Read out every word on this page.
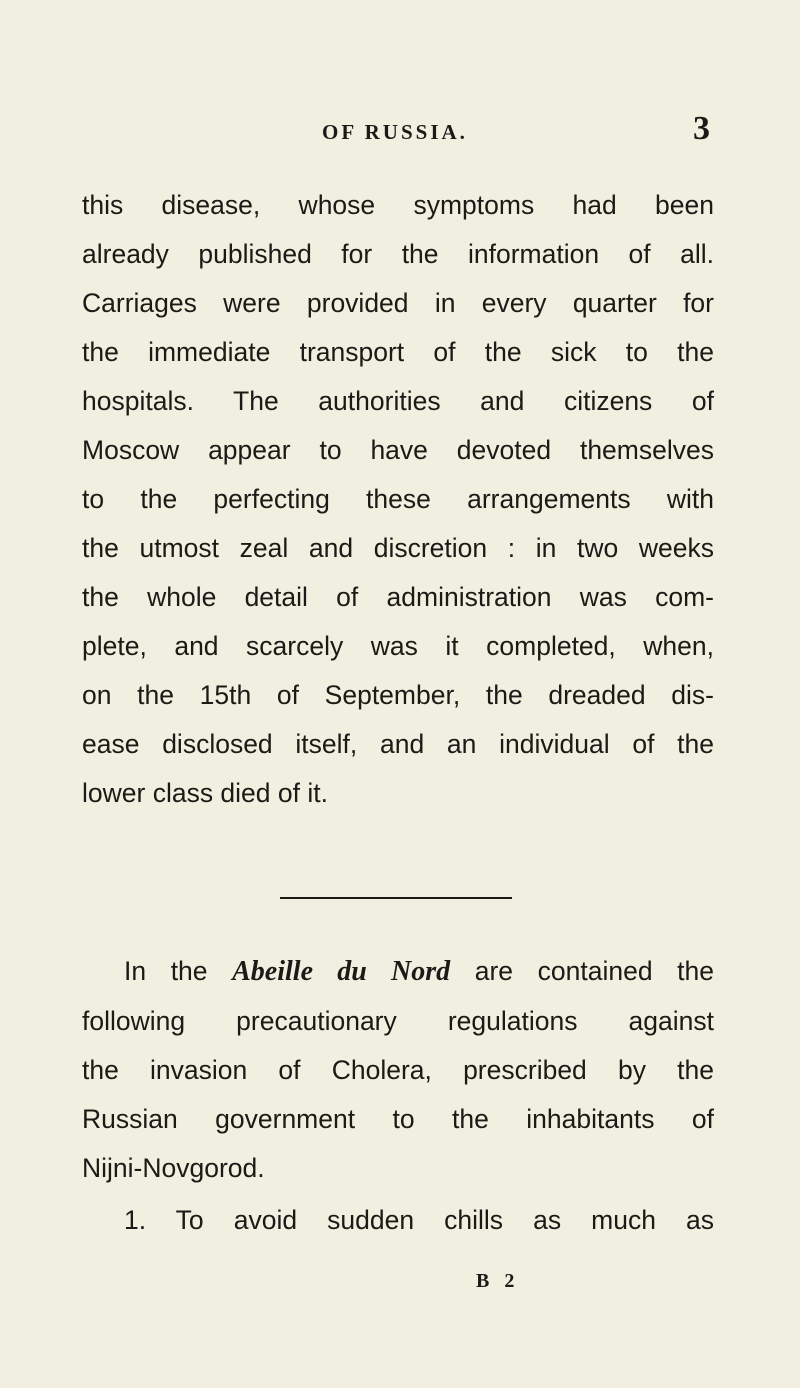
OF RUSSIA.	3
this disease, whose symptoms had been
already published for the information of all.
Carriages were provided in every quarter for
the immediate transport of the sick to the
hospitals. The authorities and citizens of
Moscow appear to have devoted themselves
to the perfecting these arrangements with
the utmost zeal and discretion : in two weeks
the whole detail of administration was com-
plete, and scarcely was it completed, when,
on the 15th of September, the dreaded dis-
ease disclosed itself, and an individual of the
lower class died of it.
In the Abeille du Nord are contained the
following precautionary regulations against
the invasion of Cholera, prescribed by the
Russian government to the inhabitants of
Nijni-Novgorod.
1. To avoid sudden chills as much as
B 2
